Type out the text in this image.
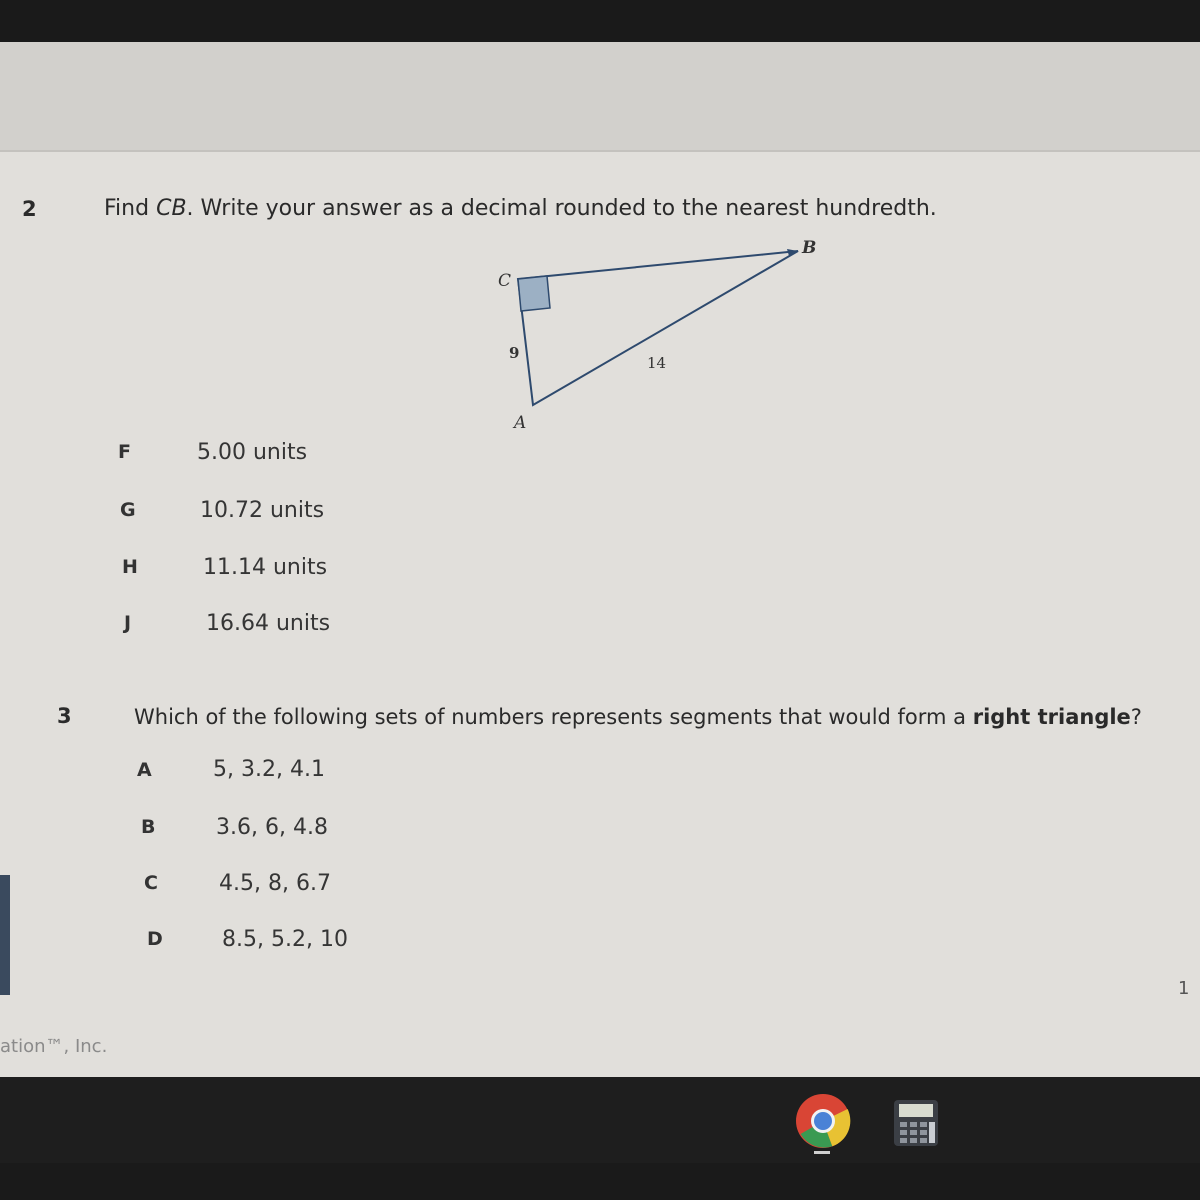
2	Find CB. Write your answer as a decimal rounded to the nearest hundredth.
B
C
A
9
14
F	5.00 units
G	10.72 units
H	11.14 units
J	16.64 units
3	Which of the following sets of numbers represents segments that would form a right triangle?
A	5, 3.2, 4.1
B	3.6, 6, 4.8
C	4.5, 8, 6.7
D	8.5, 5.2, 10
1
ation™, Inc.
